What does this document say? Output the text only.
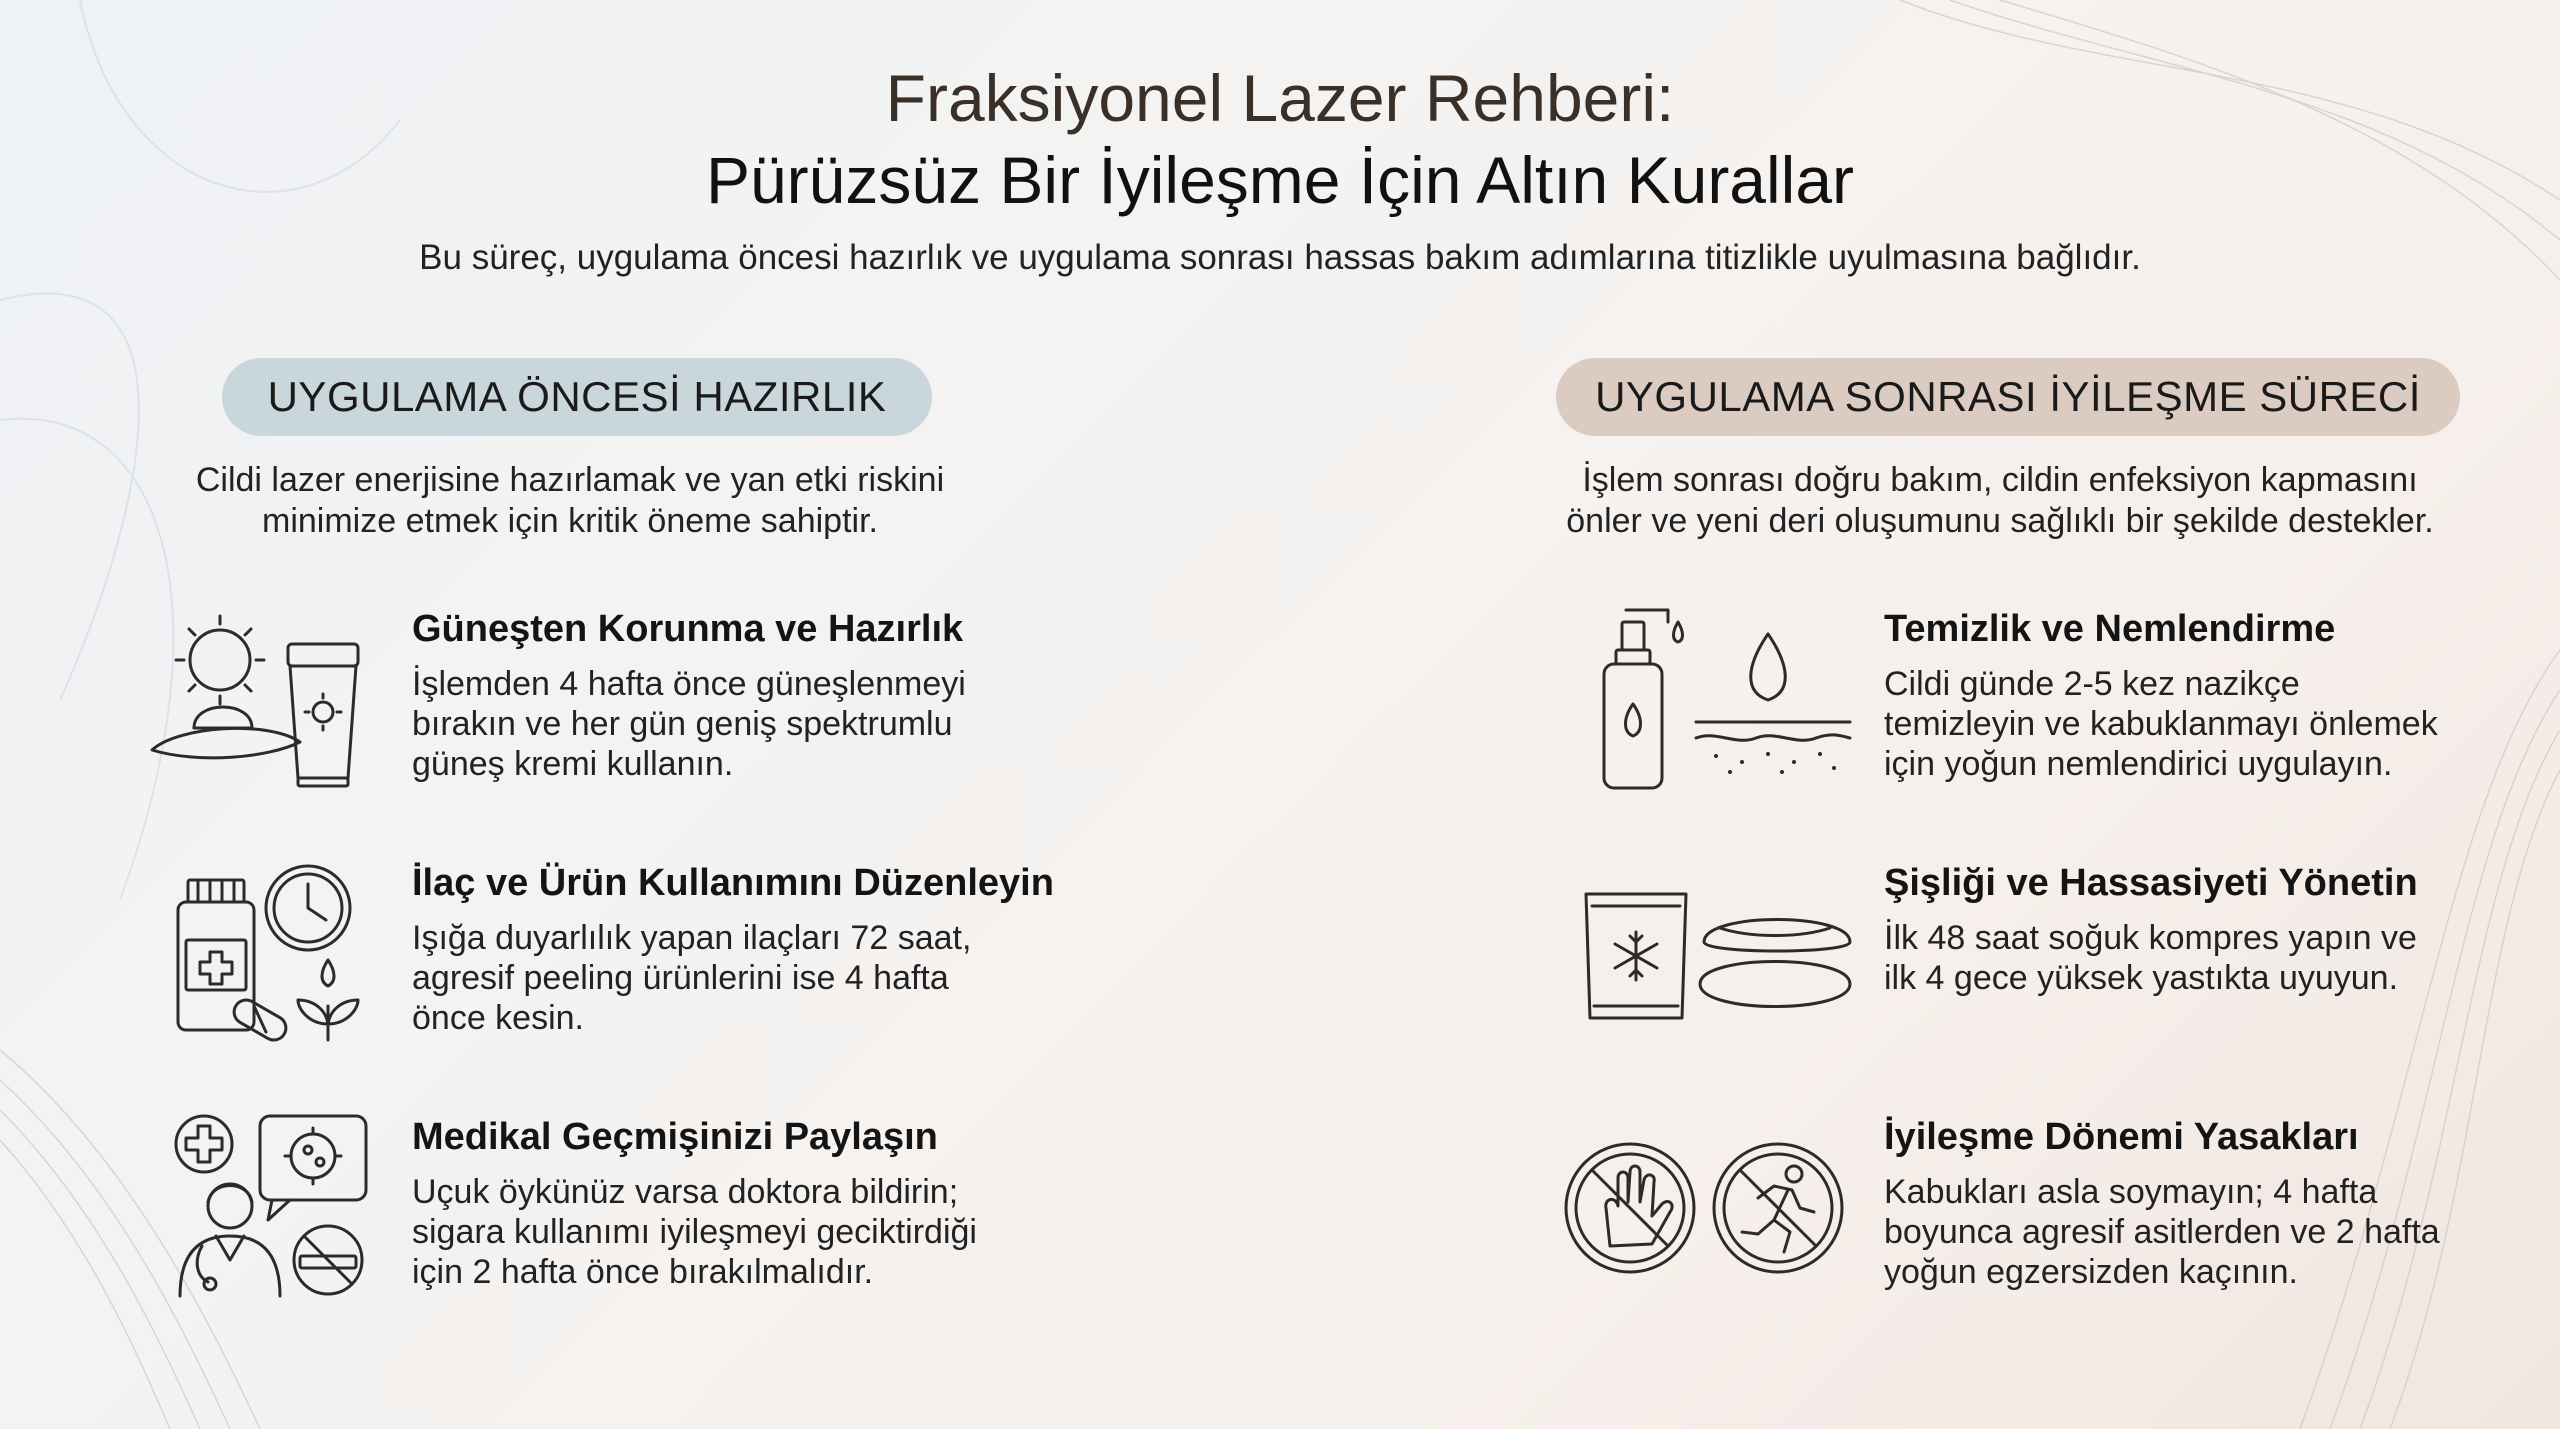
Fraksiyonel Lazer Rehberi:
Pürüzsüz Bir İyileşme İçin Altın Kurallar
Bu süreç, uygulama öncesi hazırlık ve uygulama sonrası hassas bakım adımlarına titizlikle uyulmasına bağlıdır.
UYGULAMA ÖNCESİ HAZIRLIK	UYGULAMA SONRASI İYİLEŞME SÜRECİ
Cildi lazer enerjisine hazırlamak ve yan etki riskini
minimize etmek için kritik öneme sahiptir.
İşlem sonrası doğru bakım, cildin enfeksiyon kapmasını
önler ve yeni deri oluşumunu sağlıklı bir şekilde destekler.
Güneşten Korunma ve Hazırlık
İşlemden 4 hafta önce güneşlenmeyi
bırakın ve her gün geniş spektrumlu
güneş kremi kullanın.
İlaç ve Ürün Kullanımını Düzenleyin
Işığa duyarlılık yapan ilaçları 72 saat,
agresif peeling ürünlerini ise 4 hafta
önce kesin.
Medikal Geçmişinizi Paylaşın
Uçuk öykünüz varsa doktora bildirin;
sigara kullanımı iyileşmeyi geciktirdiği
için 2 hafta önce bırakılmalıdır.
Temizlik ve Nemlendirme
Cildi günde 2-5 kez nazikçe
temizleyin ve kabuklanmayı önlemek
için yoğun nemlendirici uygulayın.
Şişliği ve Hassasiyeti Yönetin
İlk 48 saat soğuk kompres yapın ve
ilk 4 gece yüksek yastıkta uyuyun.
İyileşme Dönemi Yasakları
Kabukları asla soymayın; 4 hafta
boyunca agresif asitlerden ve 2 hafta
yoğun egzersizden kaçının.
